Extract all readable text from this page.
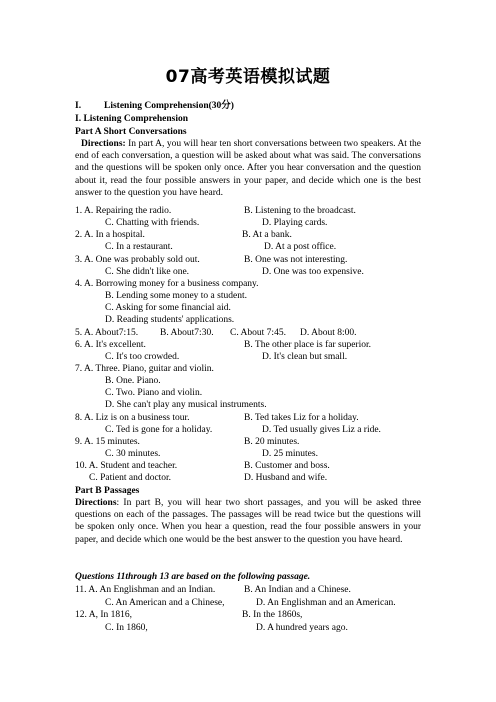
07高考英语模拟试题
I. Listening Comprehension(30分)
I. Listening Comprehension
Part A Short Conversations
Directions: In part A, you will hear ten short conversations between two speakers. At the end of each conversation, a question will be asked about what was said. The conversations and the questions will be spoken only once. After you hear conversation and the question about it, read the four possible answers in your paper, and decide which one is the best answer to the question you have heard.
1. A. Repairing the radio.	B. Listening to the broadcast.
C. Chatting with friends.	D. Playing cards.
2. A. In a hospital.	B. At a bank.
C. In a restaurant.	D. At a post office.
3. A. One was probably sold out.	B. One was not interesting.
C. She didn't like one.	D. One was too expensive.
4. A. Borrowing money for a business company.
B. Lending some money to a student.
C. Asking for some financial aid.
D. Reading students' applications.
5. A. About7:15. B. About7:30. C. About 7:45. D. About 8:00.
6. A. It's excellent.	B. The other place is far superior.
C. It's too crowded.	D. It's clean but small.
7. A. Three. Piano, guitar and violin.
B. One. Piano.
C. Two. Piano and violin.
D. She can't play any musical instruments.
8. A. Liz is on a business tour.	B. Ted takes Liz for a holiday.
C. Ted is gone for a holiday.	D. Ted usually gives Liz a ride.
9. A. 15 minutes.	B. 20 minutes.
C. 30 minutes.	D. 25 minutes.
10. A. Student and teacher.	B. Customer and boss.
C. Patient and doctor.	D. Husband and wife.
Part B Passages
Directions: In part B, you will hear two short passages, and you will be asked three questions on each of the passages. The passages will be read twice but the questions will be spoken only once. When you hear a question, read the four possible answers in your paper, and decide which one would be the best answer to the question you have heard.
Questions 11through 13 are based on the following passage.
11. A. An Englishman and an Indian.	B. An Indian and a Chinese.
C. An American and a Chinese,	D. An Englishman and an American.
12. A, In 1816,	B. In the 1860s,
C. In 1860,	D. A hundred years ago.
